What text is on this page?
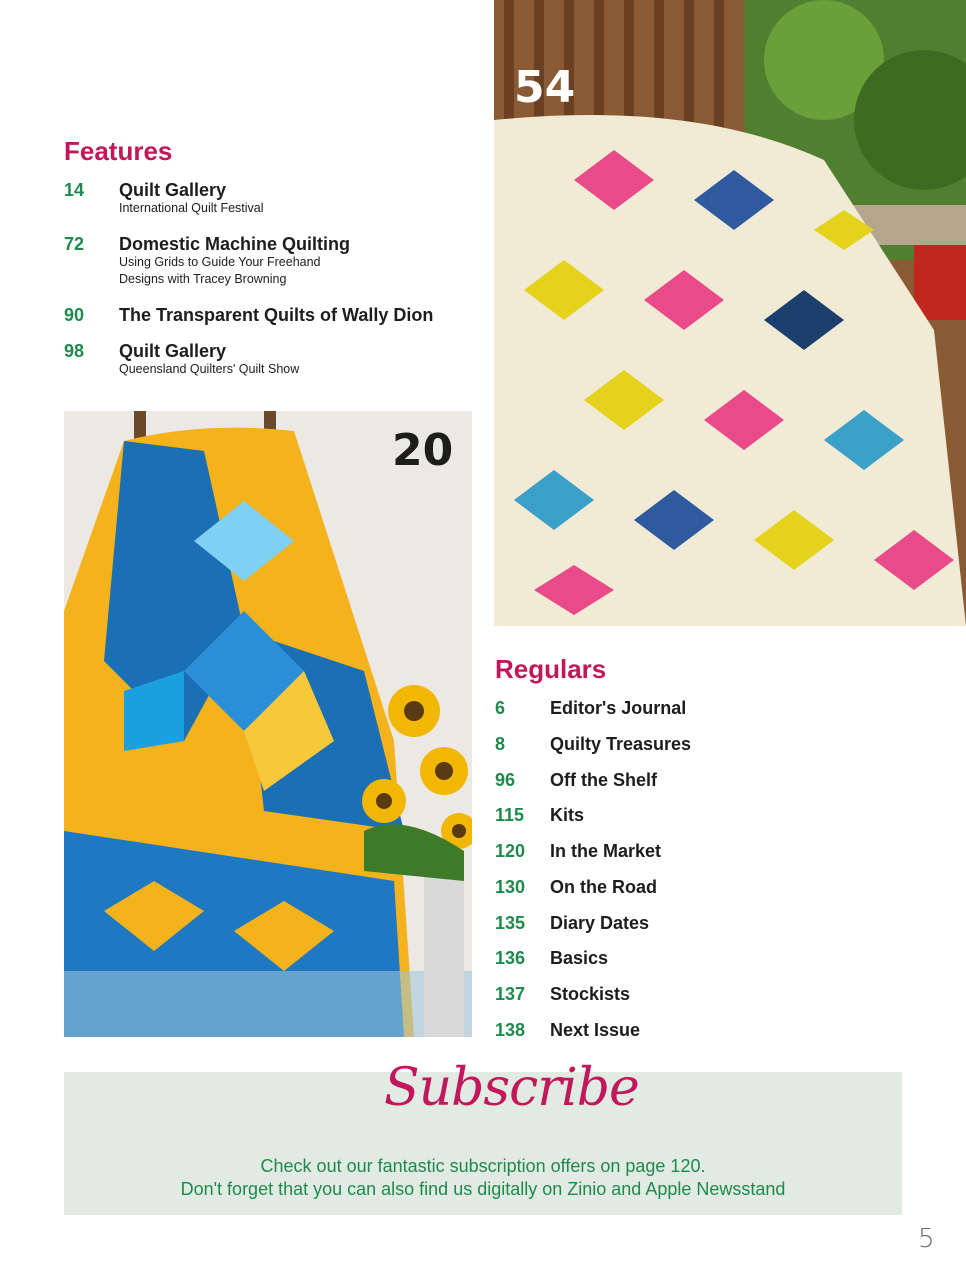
Features
14 Quilt Gallery
International Quilt Festival
72 Domestic Machine Quilting
Using Grids to Guide Your Freehand
Designs with Tracey Browning
90 The Transparent Quilts of Wally Dion
98 Quilt Gallery
Queensland Quilters' Quilt Show
20
54
Regulars
6 Editor's Journal
8 Quilty Treasures
96 Off the Shelf
115 Kits
120 In the Market
130 On the Road
135 Diary Dates
136 Basics
137 Stockists
138 Next Issue
Subscribe
Check out our fantastic subscription offers on page 120.
Don't forget that you can also find us digitally on Zinio and Apple Newsstand
5
